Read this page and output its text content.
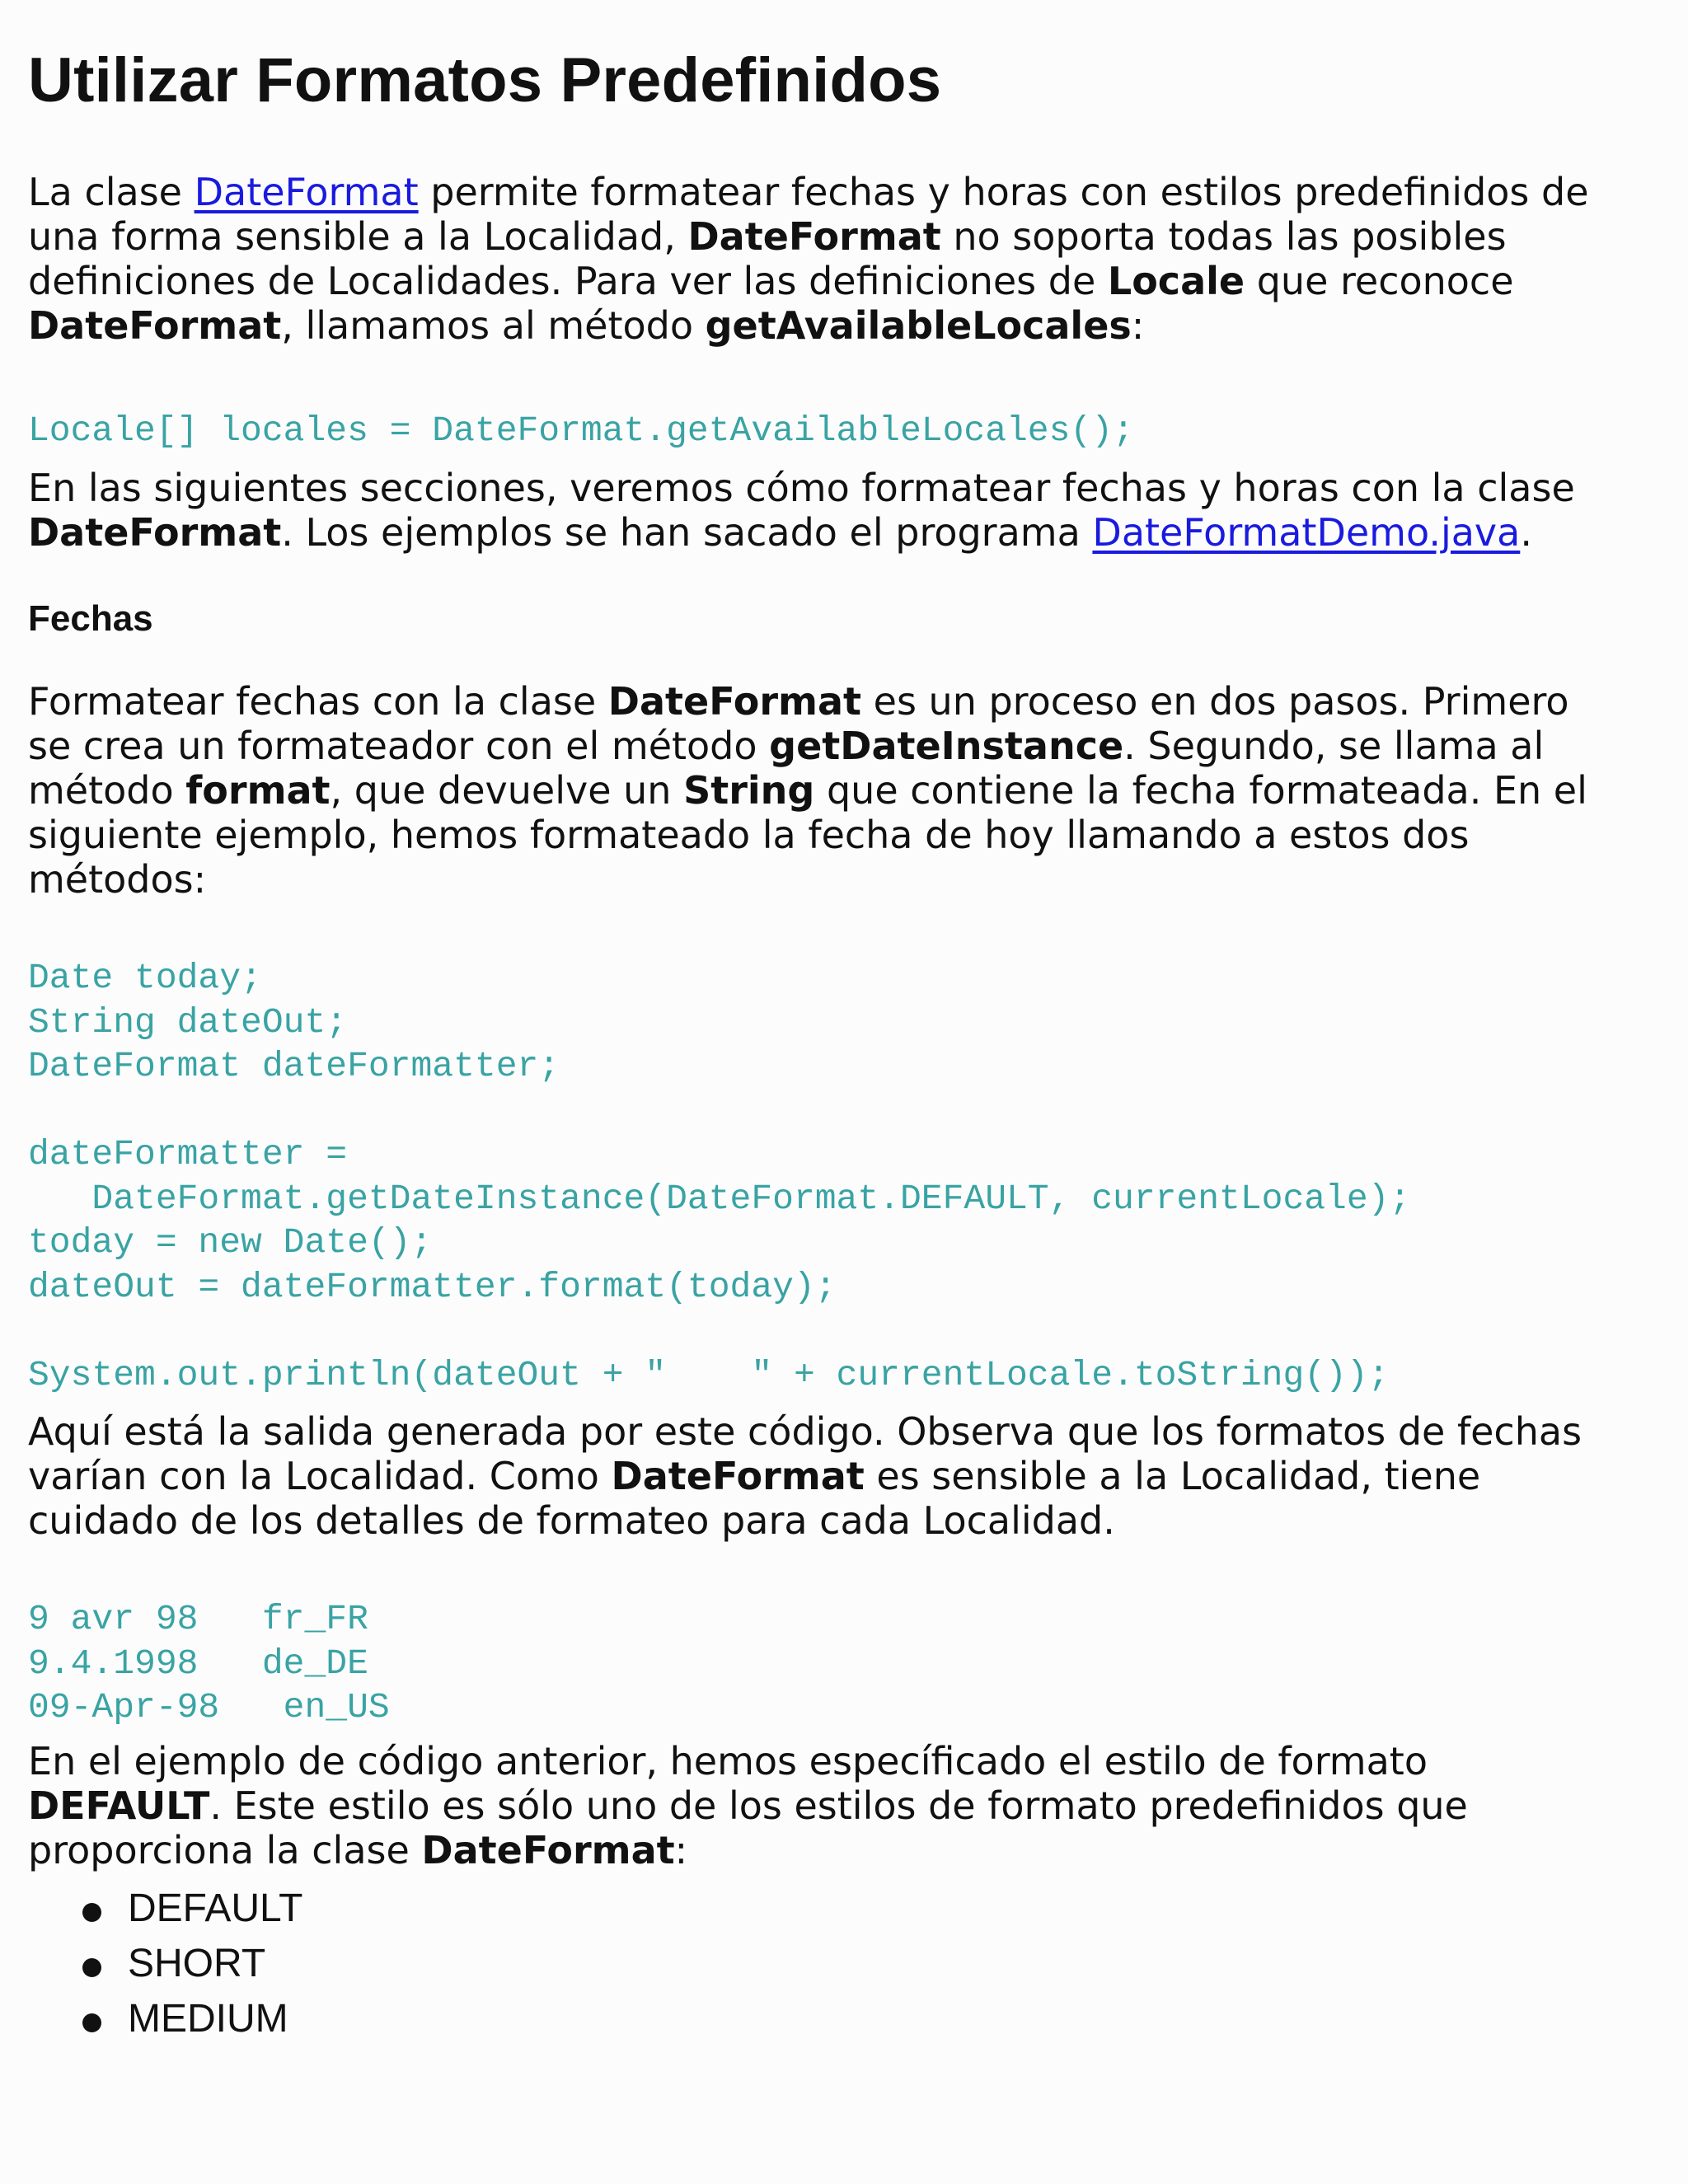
Utilizar Formatos Predefinidos

La clase DateFormat permite formatear fechas y horas con estilos predefinidos de
una forma sensible a la Localidad, DateFormat no soporta todas las posibles
definiciones de Localidades. Para ver las definiciones de Locale que reconoce
DateFormat, llamamos al método getAvailableLocales:

Locale[] locales = DateFormat.getAvailableLocales();

En las siguientes secciones, veremos cómo formatear fechas y horas con la clase
DateFormat. Los ejemplos se han sacado el programa DateFormatDemo.java.

Fechas

Formatear fechas con la clase DateFormat es un proceso en dos pasos. Primero
se crea un formateador con el método getDateInstance. Segundo, se llama al
método format, que devuelve un String que contiene la fecha formateada. En el
siguiente ejemplo, hemos formateado la fecha de hoy llamando a estos dos
métodos:

Date today;
String dateOut;
DateFormat dateFormatter;

dateFormatter =
DateFormat.getDateInstance(DateFormat.DEFAULT, currentLocale);
today = new Date();
dateOut = dateFormatter.format(today);

System.out.println(dateOut + "    " + currentLocale.toString());

Aquí está la salida generada por este código. Observa que los formatos de fechas
varían con la Localidad. Como DateFormat es sensible a la Localidad, tiene
cuidado de los detalles de formateo para cada Localidad.

9 avr 98   fr_FR
9.4.1998   de_DE
09-Apr-98   en_US

En el ejemplo de código anterior, hemos específicado el estilo de formato
DEFAULT. Este estilo es sólo uno de los estilos de formato predefinidos que
proporciona la clase DateFormat:

DEFAULT
SHORT
MEDIUM
